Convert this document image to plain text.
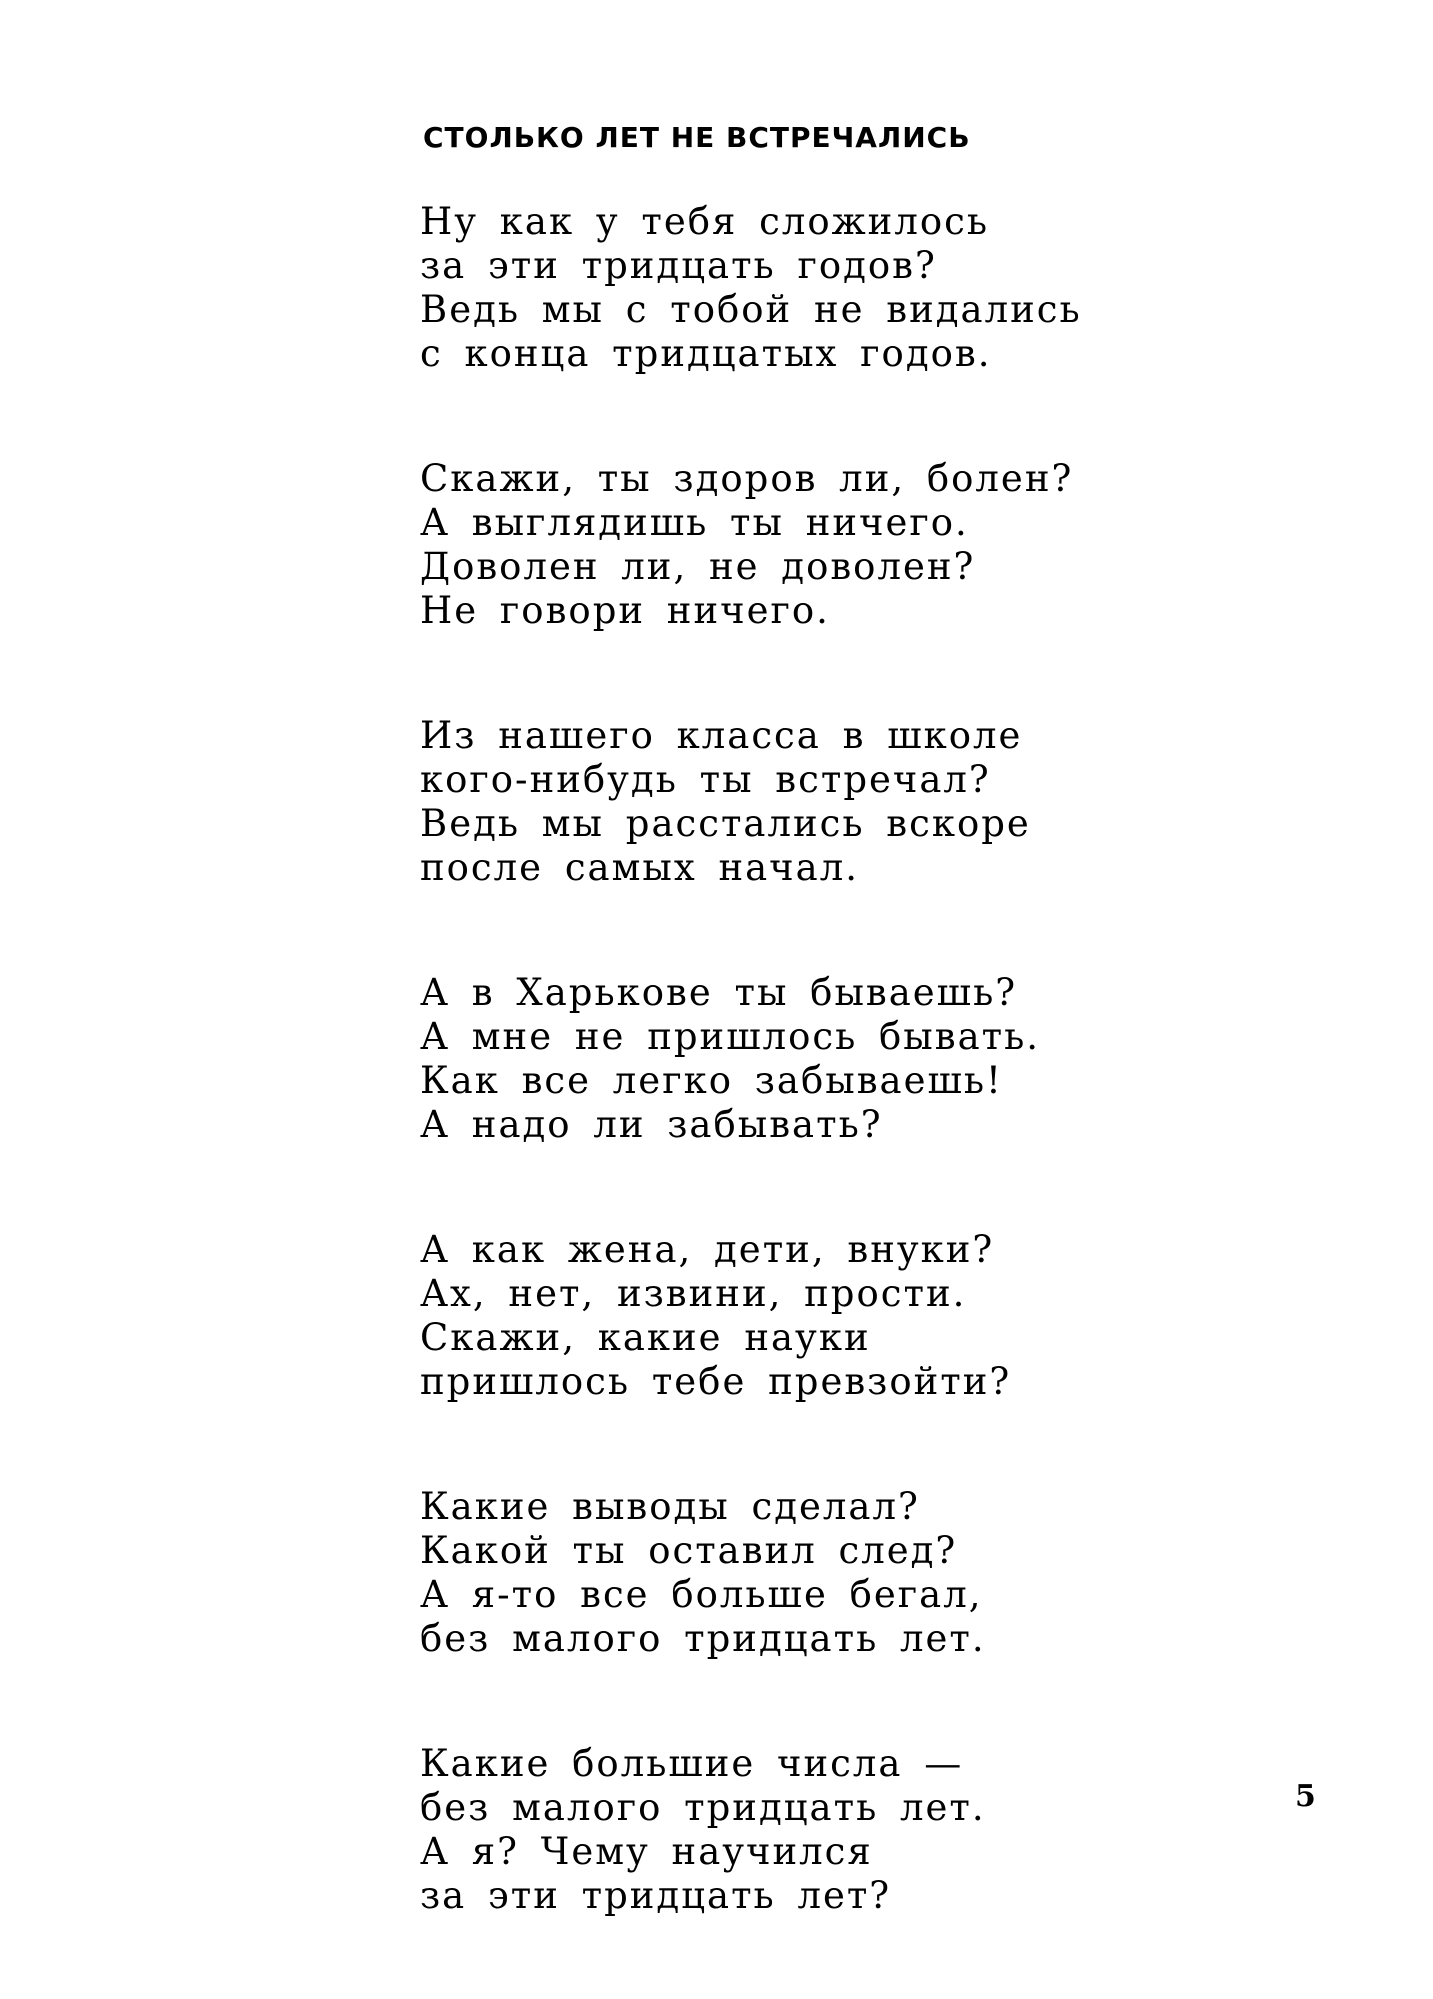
СТОЛЬКО ЛЕТ НЕ ВСТРЕЧАЛИСЬ
Ну как у тебя сложилось
за эти тридцать годов?
Ведь мы с тобой не видались
с конца тридцатых годов.
Скажи, ты здоров ли, болен?
А выглядишь ты ничего.
Доволен ли, не доволен?
Не говори ничего.
Из нашего класса в школе
кого-нибудь ты встречал?
Ведь мы расстались вскоре
после самых начал.
А в Харькове ты бываешь?
А мне не пришлось бывать.
Как все легко забываешь!
А надо ли забывать?
А как жена, дети, внуки?
Ах, нет, извини, прости.
Скажи, какие науки
пришлось тебе превзойти?
Какие выводы сделал?
Какой ты оставил след?
А я-то все больше бегал,
без малого тридцать лет.
Какие большие числа —
без малого тридцать лет.
А я? Чему научился
за эти тридцать лет?
5
